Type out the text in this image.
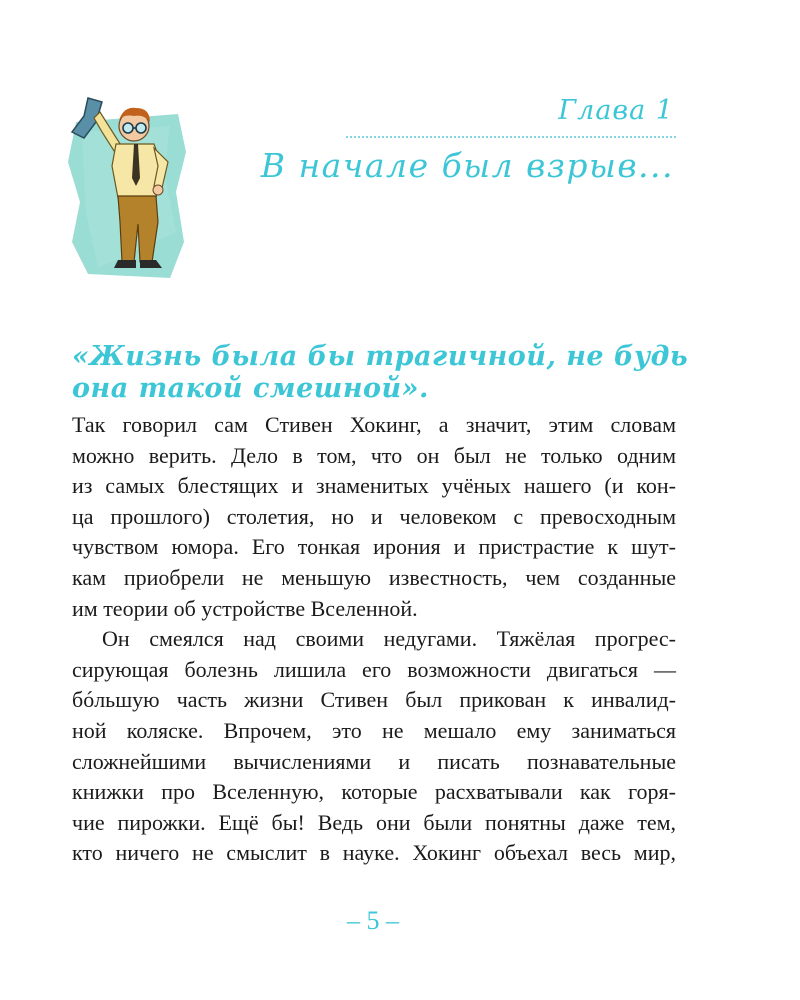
Глава 1
В начале был взрыв...
«Жизнь была бы трагичной, не будь
она такой смешной».
Так говорил сам Стивен Хокинг, а значит, этим словам
можно верить. Дело в том, что он был не только одним
из самых блестящих и знаменитых учёных нашего (и кон-
ца прошлого) столетия, но и человеком с превосходным
чувством юмора. Его тонкая ирония и пристрастие к шут-
кам приобрели не меньшую известность, чем созданные
им теории об устройстве Вселенной.
Он смеялся над своими недугами. Тяжёлая прогрес-
сирующая болезнь лишила его возможности двигаться —
бóльшую часть жизни Стивен был прикован к инвалид-
ной коляске. Впрочем, это не мешало ему заниматься
сложнейшими вычислениями и писать познавательные
книжки про Вселенную, которые расхватывали как горя-
чие пирожки. Ещё бы! Ведь они были понятны даже тем,
кто ничего не смыслит в науке. Хокинг объехал весь мир,
– 5 –
